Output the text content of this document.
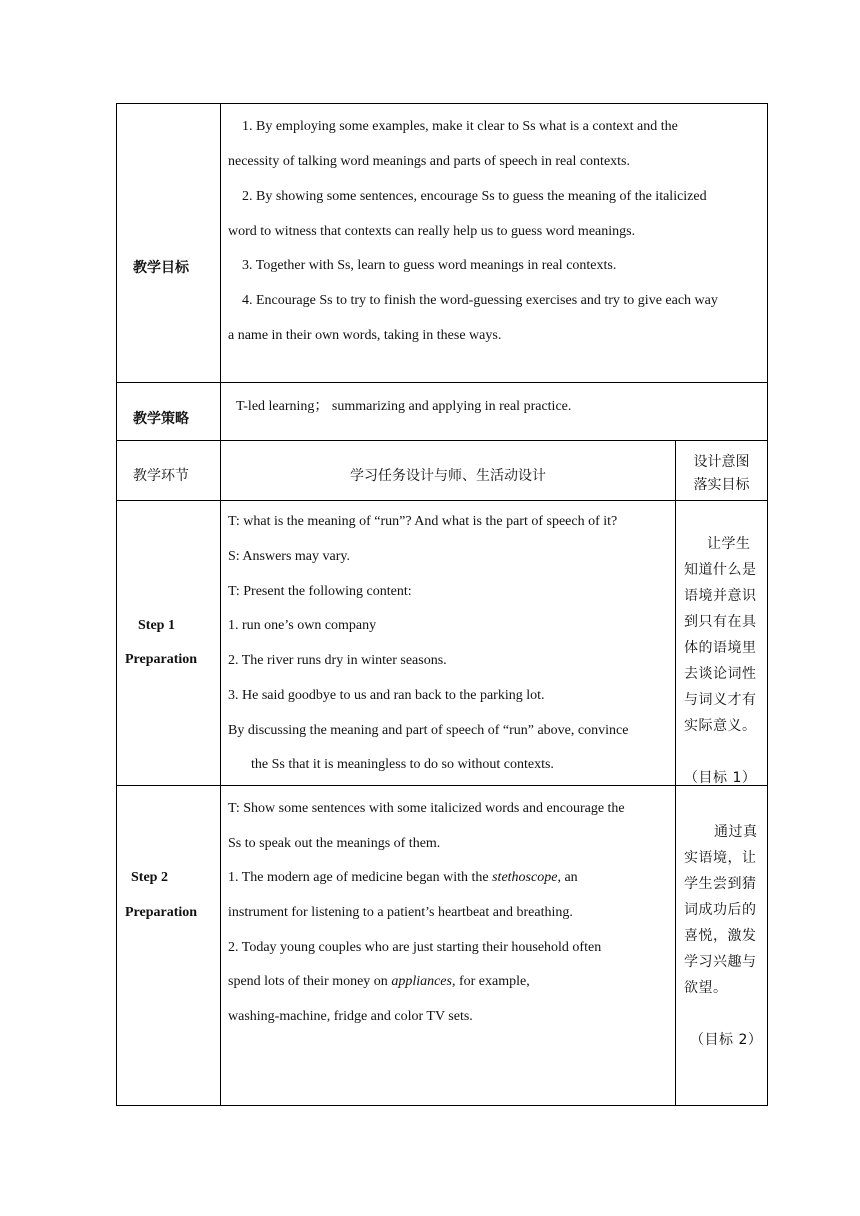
教学目标
1. By employing some examples, make it clear to Ss what is a context and the
necessity of talking word meanings and parts of speech in real contexts.
2. By showing some sentences, encourage Ss to guess the meaning of the italicized
word to witness that contexts can really help us to guess word meanings.
3. Together with Ss, learn to guess word meanings in real contexts.
4. Encourage Ss to try to finish the word-guessing exercises and try to give each way
a name in their own words, taking in these ways.
教学策略
T-led learning； summarizing and applying in real practice.
教学环节	学习任务设计与师、生活动设计
设计意图
落实目标
Step 1
Preparation
T: what is the meaning of “run”? And what is the part of speech of it?
S: Answers may vary.
T: Present the following content:
1. run one’s own company
2. The river runs dry in winter seasons.
3. He said goodbye to us and ran back to the parking lot.
By discussing the meaning and part of speech of “run” above, convince
the Ss that it is meaningless to do so without contexts.
让学生
知道什么是
语境并意识
到只有在具
体的语境里
去谈论词性
与词义才有
实际意义。
（目标 1）
Step 2
Preparation
T: Show some sentences with some italicized words and encourage the
Ss to speak out the meanings of them.
1. The modern age of medicine began with the stethoscope, an
instrument for listening to a patient’s heartbeat and breathing.
2. Today young couples who are just starting their household often
spend lots of their money on appliances, for example,
washing-machine, fridge and color TV sets.
通过真
实语境，让
学生尝到猜
词成功后的
喜悦，激发
学习兴趣与
欲望。
（目标 2）
